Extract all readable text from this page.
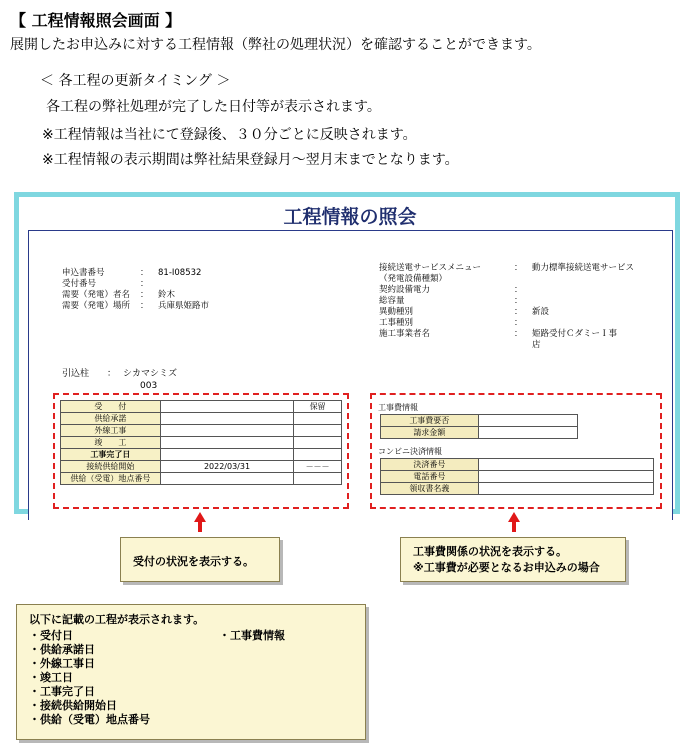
【 工程情報照会画面 】
展開したお申込みに対する工程情報（弊社の処理状況）を確認することができます。
＜ 各工程の更新タイミング ＞
各工程の弊社処理が完了した日付等が表示されます。
※工程情報は当社にて登録後、３０分ごとに反映されます。
※工程情報の表示期間は弊社結果登録月～翌月末までとなります。
工程情報の照会
申込書番号	： 81-I08532
受付番号	：
需要（発電）者名 ： 鈴木
需要（発電）場所 ： 兵庫県姫路市
接続送電サービスメニュー	： 動力標準接続送電サービス
（発電設備種類）
契約設備電力	：
総容量	：
異動種別	： 新設
工事種別	：
施工事業者名	： 姫路受付ＣダミーＩ事
店
引込柱 ： シカマシミズ
003
受　　付		保留
供給承諾		
外線工事		
竣　　工		
工事完了日		
接続供給開始	2022/03/31	－－－
供給（受電）地点番号		
工事費情報
工事費要否	
請求金額	
コンビニ決済情報
決済番号	
電話番号	
領収書名義	
受付の状況を表示する。
工事費関係の状況を表示する。
※工事費が必要となるお申込みの場合
以下に記載の工程が表示されます。
・受付日
・供給承諾日
・外線工事日
・竣工日
・工事完了日
・接続供給開始日
・供給（受電）地点番号
・工事費情報
